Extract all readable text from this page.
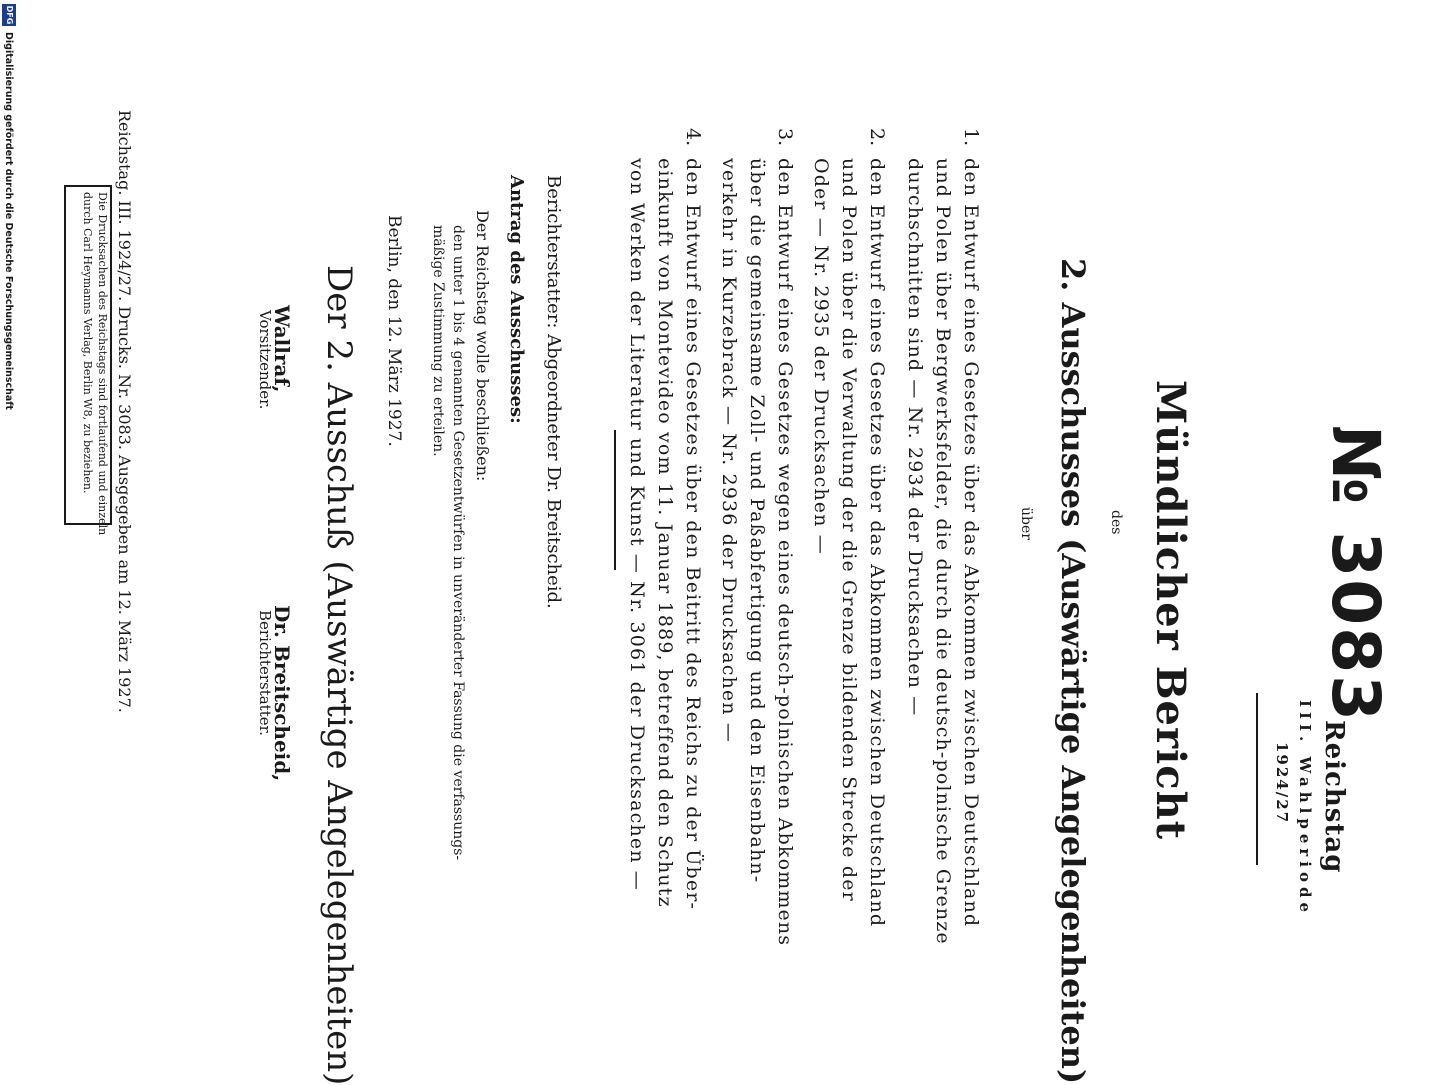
Reichstag
III. Wahlperiode
1924/27
№ 3083
Mündlicher Bericht
des
2. Ausschusses (Auswärtige Angelegenheiten)
über
1.
den Entwurf eines Gesetzes über das Abkommen zwischen Deutschland
und Polen über Bergwerksfelder, die durch die deutsch-polnische Grenze
durchschnitten sind — Nr. 2934 der Drucksachen —
2.
den Entwurf eines Gesetzes über das Abkommen zwischen Deutschland
und Polen über die Verwaltung der die Grenze bildenden Strecke der
Oder — Nr. 2935 der Drucksachen —
3.
den Entwurf eines Gesetzes wegen eines deutsch-polnischen Abkommens
über die gemeinsame Zoll- und Paßabfertigung und den Eisenbahn-
verkehr in Kurzebrack — Nr. 2936 der Drucksachen —
4.
den Entwurf eines Gesetzes über den Beitritt des Reichs zu der Über-
einkunft von Montevideo vom 11. Januar 1889, betreffend den Schutz
von Werken der Literatur und Kunst — Nr. 3061 der Drucksachen —
Berichterstatter: Abgeordneter Dr. Breitscheid.
Antrag des Ausschusses:
Der Reichstag wolle beschließen:
den unter 1 bis 4 genannten Gesetzentwürfen in unveränderter Fassung die verfassungs-
mäßige Zustimmung zu erteilen.
Berlin, den 12. März 1927.
Der 2. Ausschuß (Auswärtige Angelegenheiten)
Wallraf,
Vorsitzender.
Dr. Breitscheid,
Berichterstatter.
Reichstag. III. 1924/27. Drucks. Nr. 3083. Ausgegeben am 12. März 1927.
Die Drucksachen des Reichstags sind fortlaufend und einzeln
durch Carl Heymanns Verlag, Berlin W8, zu beziehen.
DFG
Digitalisierung gefördert durch die Deutsche Forschungsgemeinschaft
